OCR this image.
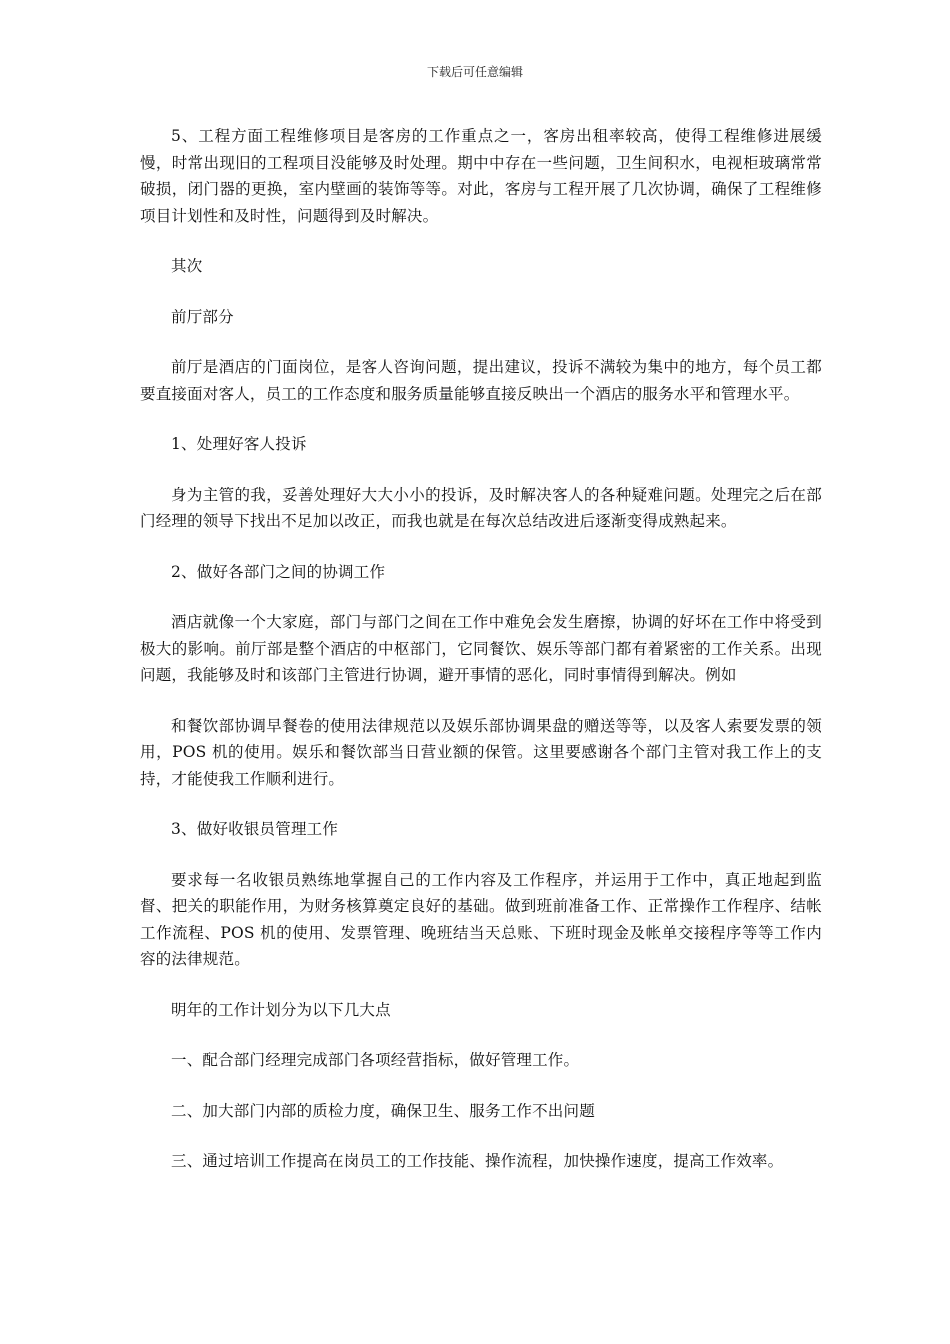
下载后可任意编辑

5、工程方面工程维修项目是客房的工作重点之一，客房出租率较高，使得工程维修进展缓慢，时常出现旧的工程项目没能够及时处理。期中中存在一些问题，卫生间积水，电视柜玻璃常常破损，闭门器的更换，室内壁画的装饰等等。对此，客房与工程开展了几次协调，确保了工程维修项目计划性和及时性，问题得到及时解决。

其次

前厅部分

前厅是酒店的门面岗位，是客人咨询问题，提出建议，投诉不满较为集中的地方，每个员工都要直接面对客人，员工的工作态度和服务质量能够直接反映出一个酒店的服务水平和管理水平。

1、处理好客人投诉

身为主管的我，妥善处理好大大小小的投诉，及时解决客人的各种疑难问题。处理完之后在部门经理的领导下找出不足加以改正，而我也就是在每次总结改进后逐渐变得成熟起来。

2、做好各部门之间的协调工作

酒店就像一个大家庭，部门与部门之间在工作中难免会发生磨擦，协调的好坏在工作中将受到极大的影响。前厅部是整个酒店的中枢部门，它同餐饮、娱乐等部门都有着紧密的工作关系。出现问题，我能够及时和该部门主管进行协调，避开事情的恶化，同时事情得到解决。例如

和餐饮部协调早餐卷的使用法律规范以及娱乐部协调果盘的赠送等等，以及客人索要发票的领用，POS 机的使用。娱乐和餐饮部当日营业额的保管。这里要感谢各个部门主管对我工作上的支持，才能使我工作顺利进行。

3、做好收银员管理工作

要求每一名收银员熟练地掌握自己的工作内容及工作程序，并运用于工作中，真正地起到监督、把关的职能作用，为财务核算奠定良好的基础。做到班前准备工作、正常操作工作程序、结帐工作流程、POS 机的使用、发票管理、晚班结当天总账、下班时现金及帐单交接程序等等工作内容的法律规范。

明年的工作计划分为以下几大点

一、配合部门经理完成部门各项经营指标，做好管理工作。

二、加大部门内部的质检力度，确保卫生、服务工作不出问题

三、通过培训工作提高在岗员工的工作技能、操作流程，加快操作速度，提高工作效率。
